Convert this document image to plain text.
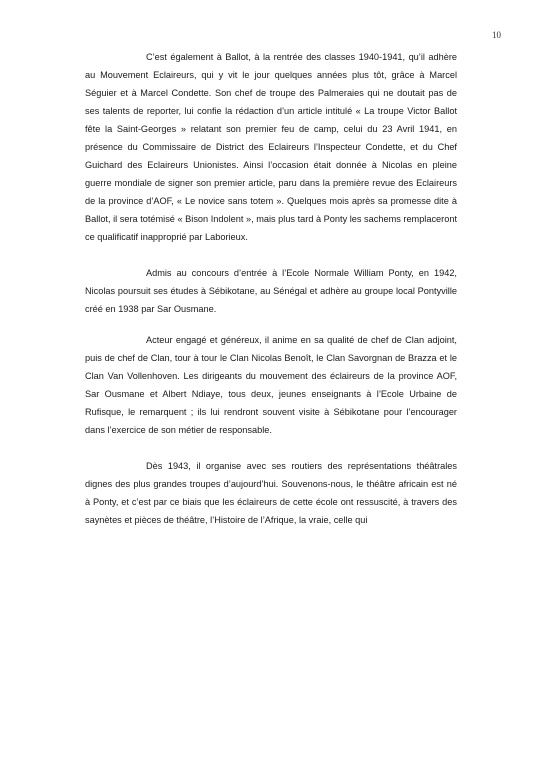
10

C’est également à Ballot, à la rentrée des classes 1940-1941, qu’il adhère au Mouvement Eclaireurs, qui y vit le jour quelques années plus tôt, grâce à Marcel Séguier et à Marcel Condette. Son chef de troupe des Palmeraies qui ne doutait pas de ses talents de reporter, lui confie la rédaction d’un article intitulé « La troupe Victor Ballot fête la Saint-Georges » relatant son premier feu de camp, celui du 23 Avril 1941, en présence du Commissaire de District des Eclaireurs l’Inspecteur Condette, et du Chef Guichard des Eclaireurs Unionistes. Ainsi l’occasion était donnée à Nicolas en pleine guerre mondiale de signer son premier article, paru dans la première revue des Eclaireurs de la province d’AOF, « Le novice sans totem ». Quelques mois après sa promesse dite à Ballot, il sera totémisé « Bison Indolent », mais plus tard à Ponty les sachems remplaceront ce qualificatif inapproprié par Laborieux.

Admis au concours d’entrée à l’Ecole Normale William Ponty, en 1942, Nicolas poursuit ses études à Sébikotane, au Sénégal et adhère au groupe local Pontyville créé en 1938 par Sar Ousmane.

Acteur engagé et généreux, il anime en sa qualité de chef de Clan adjoint, puis de chef de Clan, tour à tour le Clan Nicolas Benoît, le Clan Savorgnan de Brazza et le Clan Van Vollenhoven. Les dirigeants du mouvement des éclaireurs de la province AOF, Sar Ousmane et Albert Ndiaye, tous deux, jeunes enseignants à l’Ecole Urbaine de Rufisque, le remarquent ; ils lui rendront souvent visite à Sébikotane pour l’encourager dans l’exercice de son métier de responsable.

Dès 1943, il organise avec ses routiers des représentations théâtrales dignes des plus grandes troupes d’aujourd’hui. Souvenons-nous, le théâtre africain est né à Ponty, et c’est par ce biais que les éclaireurs de cette école ont ressuscité, à travers des saynètes et pièces de théâtre, l’Histoire de l’Afrique, la vraie, celle qui
